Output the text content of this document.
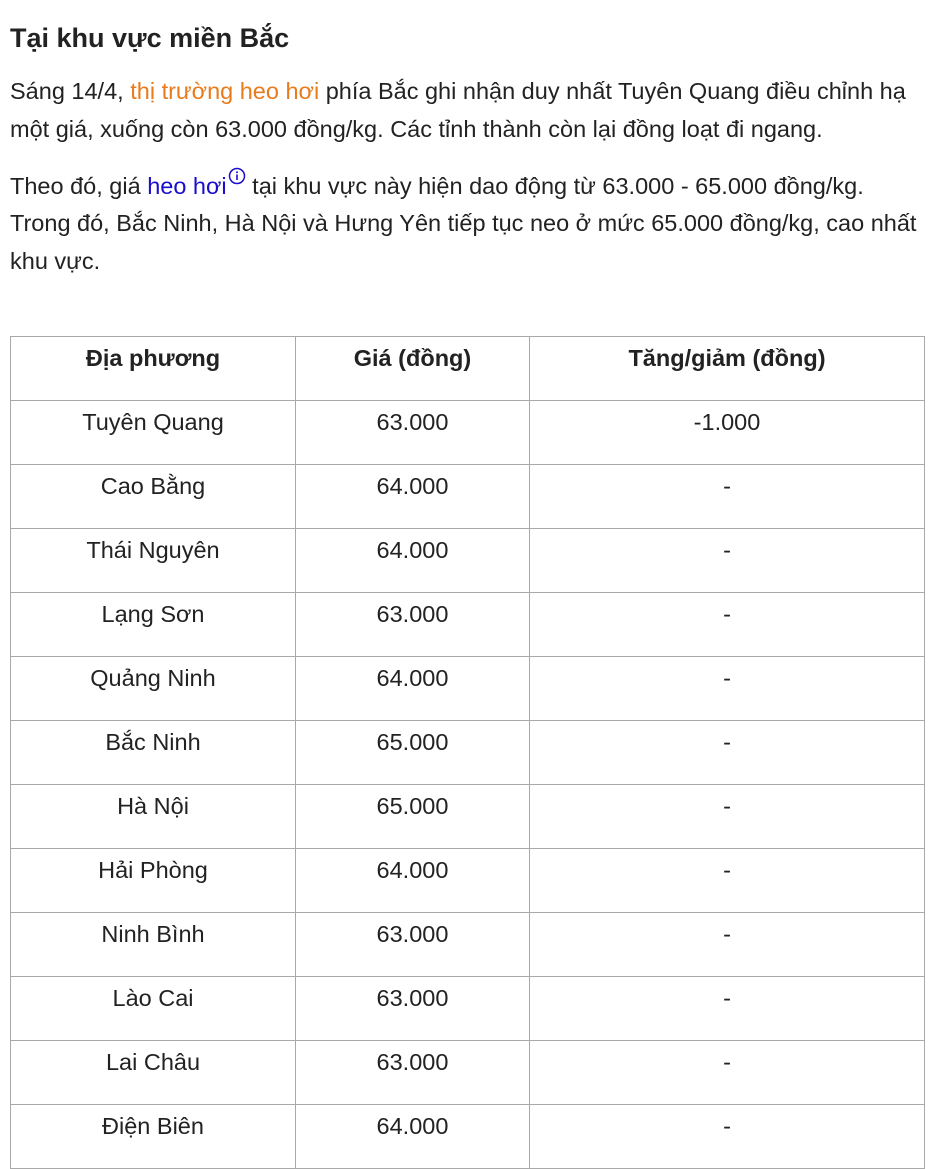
Tại khu vực miền Bắc

Sáng 14/4, thị trường heo hơi phía Bắc ghi nhận duy nhất Tuyên Quang điều chỉnh hạ một giá, xuống còn 63.000 đồng/kg. Các tỉnh thành còn lại đồng loạt đi ngang.

Theo đó, giá heo hơi tại khu vực này hiện dao động từ 63.000 - 65.000 đồng/kg. Trong đó, Bắc Ninh, Hà Nội và Hưng Yên tiếp tục neo ở mức 65.000 đồng/kg, cao nhất khu vực.

Địa phương	Giá (đồng)	Tăng/giảm (đồng)
Tuyên Quang	63.000	-1.000
Cao Bằng	64.000	-
Thái Nguyên	64.000	-
Lạng Sơn	63.000	-
Quảng Ninh	64.000	-
Bắc Ninh	65.000	-
Hà Nội	65.000	-
Hải Phòng	64.000	-
Ninh Bình	63.000	-
Lào Cai	63.000	-
Lai Châu	63.000	-
Điện Biên	64.000	-
